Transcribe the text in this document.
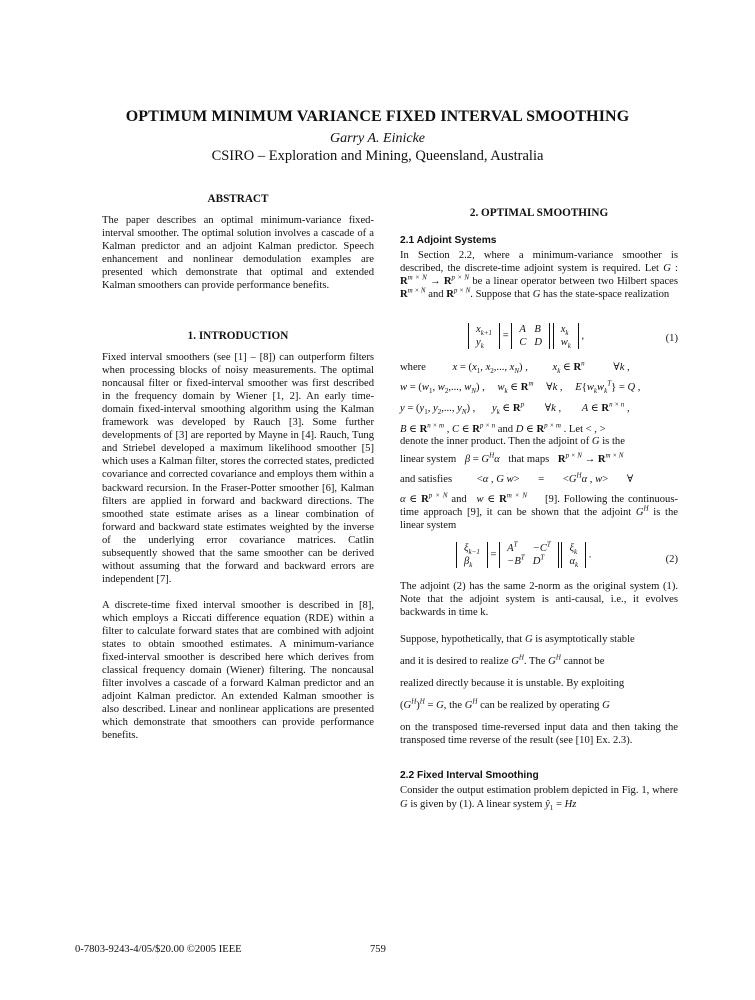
OPTIMUM MINIMUM VARIANCE FIXED INTERVAL SMOOTHING
Garry A. Einicke
CSIRO – Exploration and Mining, Queensland, Australia

ABSTRACT

The paper describes an optimal minimum-variance fixed-interval smoother. The optimal solution involves a cascade of a Kalman predictor and an adjoint Kalman predictor. Speech enhancement and nonlinear demodulation examples are presented which demonstrate that optimal and extended Kalman smoothers can provide performance benefits.

1. INTRODUCTION

Fixed interval smoothers (see [1] – [8]) can outperform filters when processing blocks of noisy measurements. The optimal noncausal filter or fixed-interval smoother was first described in the frequency domain by Wiener [1, 2]. An early time-domain fixed-interval smoothing algorithm using the Kalman framework was developed by Rauch [3]. Some further developments of [3] are reported by Mayne in [4]. Rauch, Tung and Striebel developed a maximum likelihood smoother [5] which uses a Kalman filter, stores the corrected states, predicted covariance and corrected covariance and employs them within a backward recursion. In the Fraser-Potter smoother [6], Kalman filters are applied in forward and backward directions. The smoothed state estimate arises as a linear combination of forward and backward state estimates weighted by the inverse of the underlying error covariance matrices. Catlin subsequently showed that the same smoother can be derived without assuming that the forward and backward errors are independent [7].

A discrete-time fixed interval smoother is described in [8], which employs a Riccati difference equation (RDE) within a filter to calculate forward states that are combined with adjoint states to obtain smoothed estimates. A minimum-variance fixed-interval smoother is described here which derives from classical frequency domain (Wiener) filtering. The noncausal filter involves a cascade of a forward Kalman predictor and an adjoint Kalman predictor. An extended Kalman smoother is also described. Linear and nonlinear applications are presented which demonstrate that smoothers can provide performance benefits.

2. OPTIMAL SMOOTHING

2.1 Adjoint Systems

In Section 2.2, where a minimum-variance smoother is described, the discrete-time adjoint system is required. Let G : $R^{m \times N} \to R^{p \times N}$ be a linear operator between two Hilbert spaces $R^{m \times N}$ and $R^{p \times N}$. Suppose that G has the state-space realization

$x_{k+1}$
$y_k$
=
A	B
C	D

$x_k$
$w_k$
,	(1)
where	$x = (x_1$, $x_2$,..., $x_N$) , $x_k$ ∈ $R^n$	∀k ,
$w = (w_1$, $w_2$,..., $w_N$) , $w_k$ ∈ $R^m$ ∀k , $E\{w_kw_k^T\} = Q$ ,
$y = (y_1$, $y_2$,..., $y_N$) , $y_k$ ∈ $R^p$ ∀k , A ∈ $R^{n \times n}$ ,
B ∈ $R^{n \times m}$ , C ∈ $R^{p \times n}$ and D ∈ $R^{p \times m}$ . Let < , >

denote the inner product. Then the adjoint of G is the

linear system $\beta = G^H\alpha$ that maps $R^{p \times N} \to R^{m \times N}$

and satisfies <α , G $w> = <G^H\alpha$ , w> ∀

α ∈ $R^{p \times N}$ and w ∈ $R^{m \times N}$ [9]. Following the continuous-time approach [9], it can be shown that the adjoint $G^H$ is the linear system

$\xi_{k-1}$
$\beta_k$
=
$A^T$	$-C^T$
$-B^T$	$D^T$

$\xi_k$
$\alpha_k$
.	(2)

The adjoint (2) has the same 2-norm as the original system (1). Note that the adjoint system is anti-causal, i.e., it evolves backwards in time k.

Suppose, hypothetically, that G is asymptotically stable

and it is desired to realize $G^H$. The $G^H$ cannot be

realized directly because it is unstable. By exploiting

$(G^H)^H = G$, the $G^H$ can be realized by operating G

on the transposed time-reversed input data and then taking the transposed time reverse of the result (see [10] Ex. 2.3).

2.2 Fixed Interval Smoothing

Consider the output estimation problem depicted in Fig. 1, where G is given by (1). A linear system $ŷ_1 = Hz$

0-7803-9243-4/05/$20.00 ©2005 IEEE	759
